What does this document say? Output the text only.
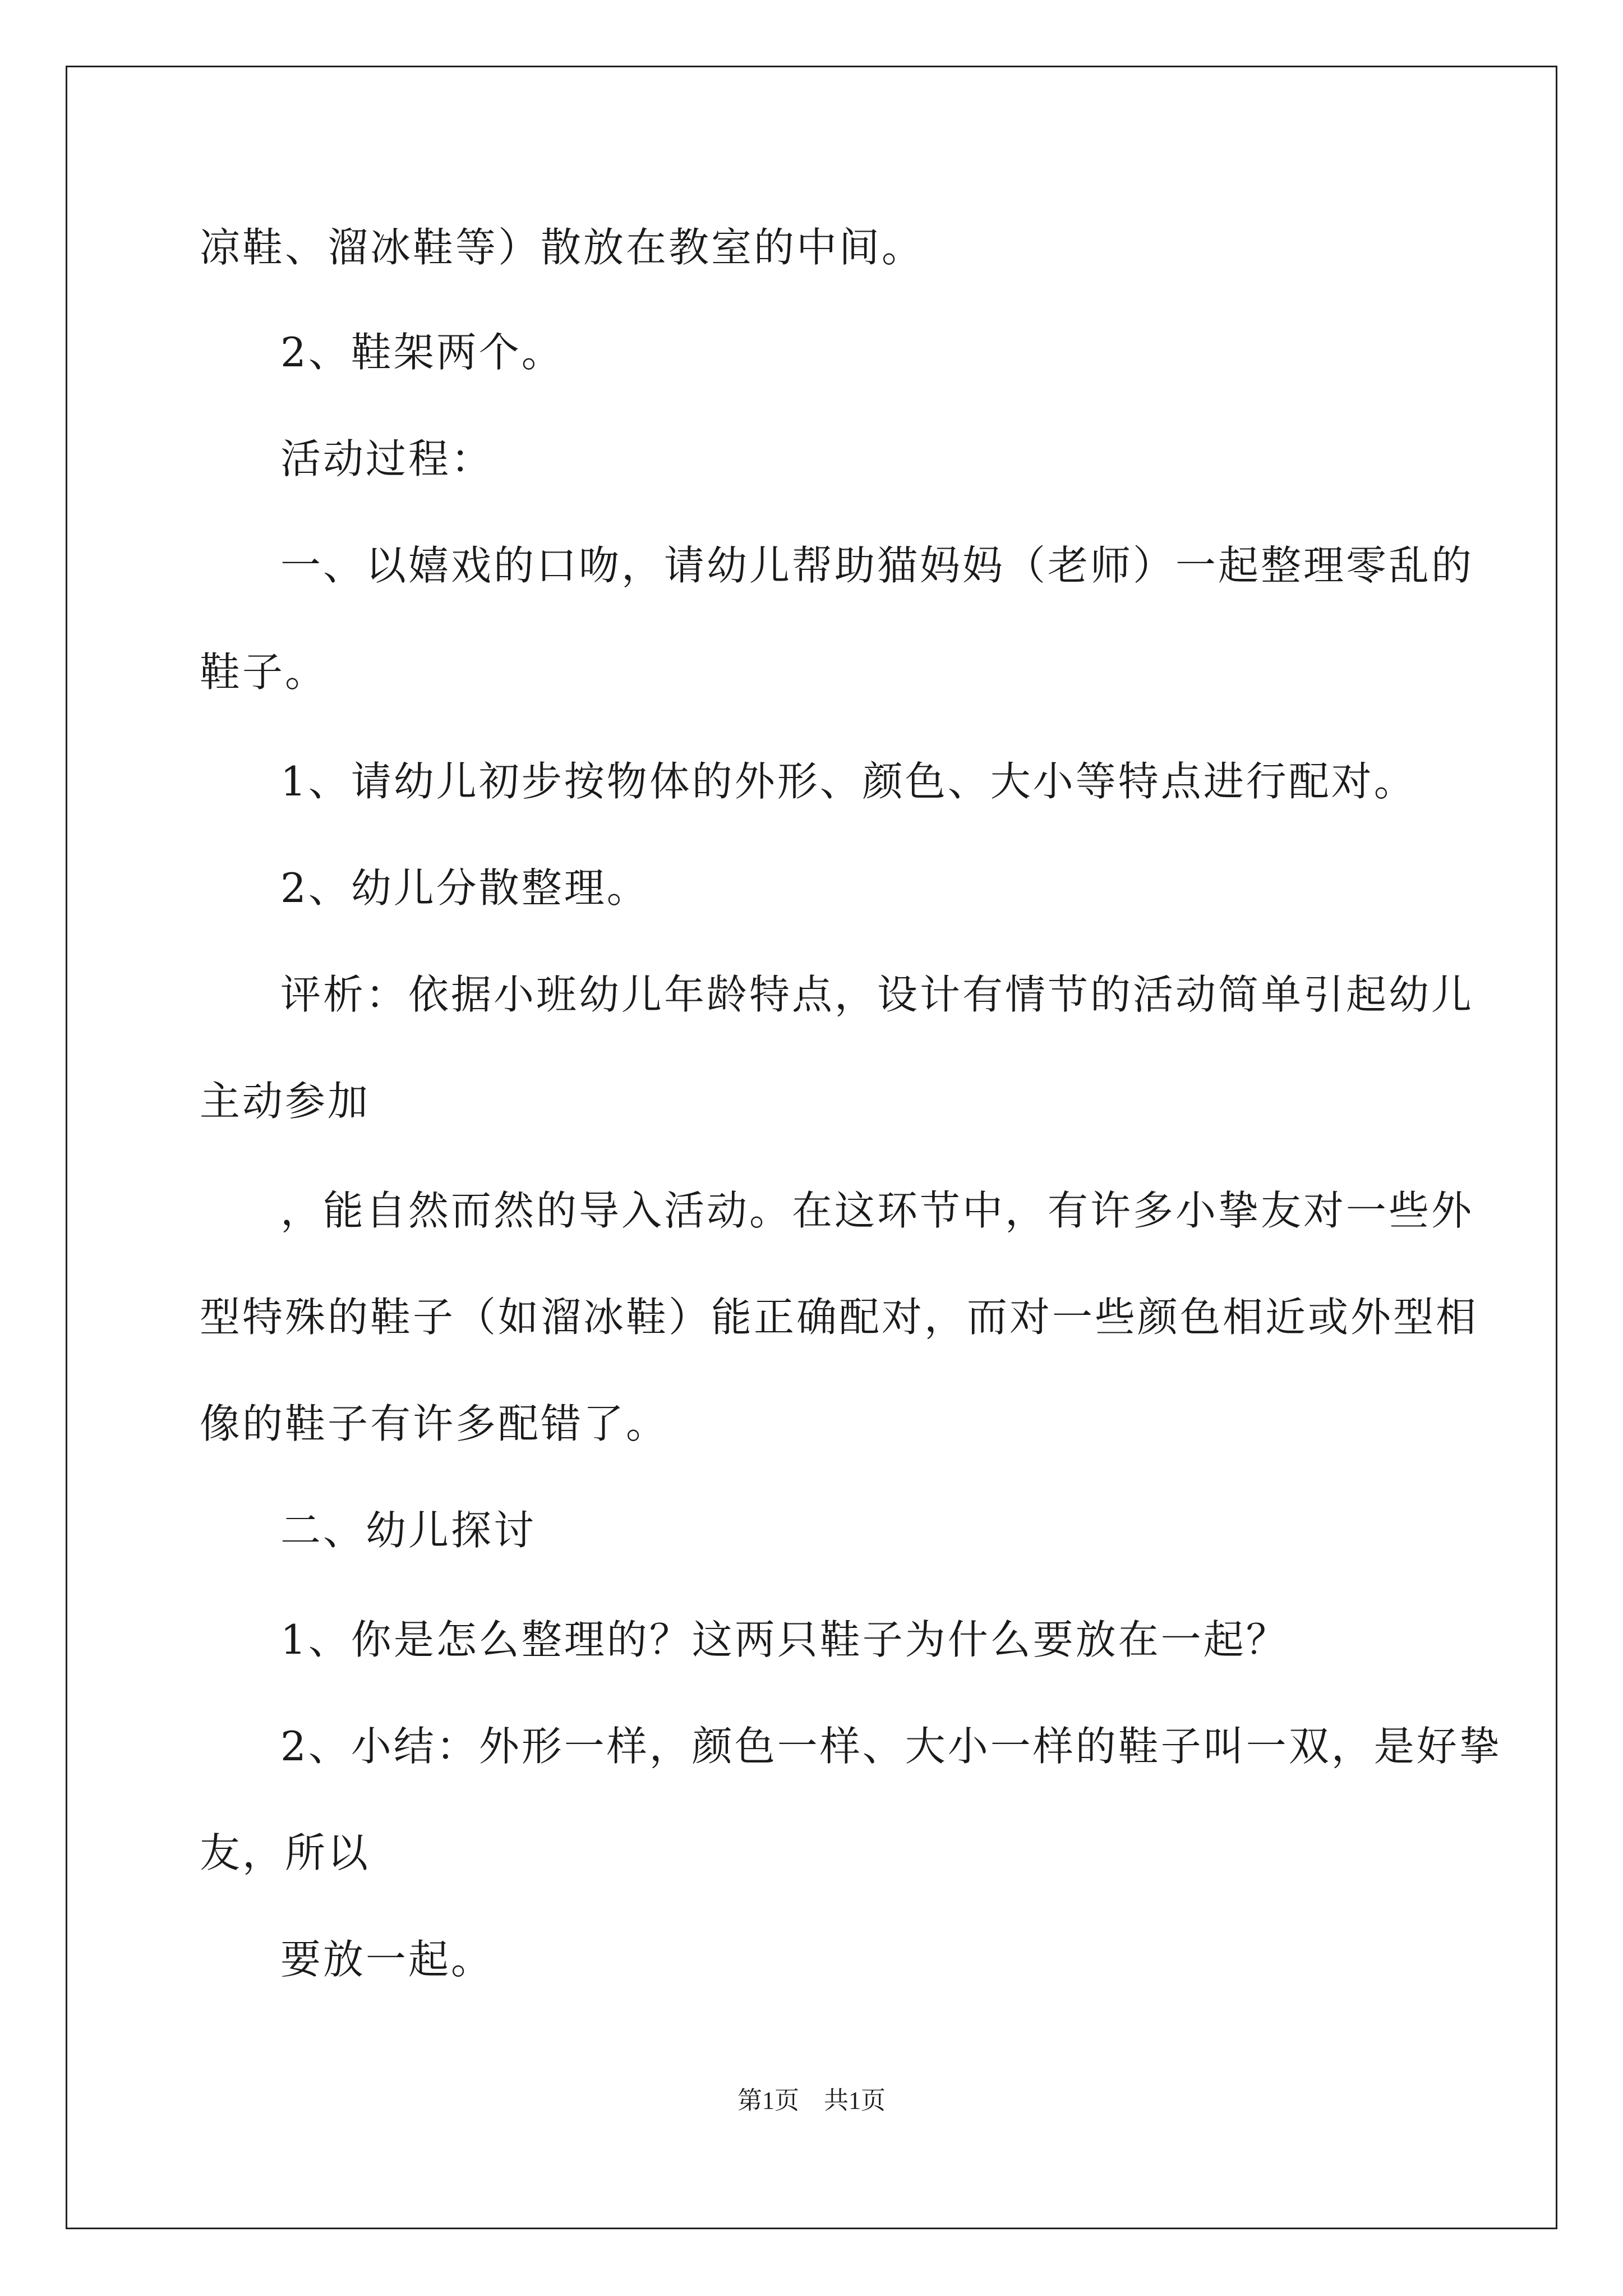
凉鞋、溜冰鞋等）散放在教室的中间。
2、鞋架两个。
活动过程：
一、以嬉戏的口吻，请幼儿帮助猫妈妈（老师）一起整理零乱的
鞋子。
1、请幼儿初步按物体的外形、颜色、大小等特点进行配对。
2、幼儿分散整理。
评析：依据小班幼儿年龄特点，设计有情节的活动简单引起幼儿
主动参加
，能自然而然的导入活动。在这环节中，有许多小挚友对一些外
型特殊的鞋子（如溜冰鞋）能正确配对，而对一些颜色相近或外型相
像的鞋子有许多配错了。
二、幼儿探讨
1、你是怎么整理的？这两只鞋子为什么要放在一起？
2、小结：外形一样，颜色一样、大小一样的鞋子叫一双，是好挚
友，所以
要放一起。
第1页　共1页
